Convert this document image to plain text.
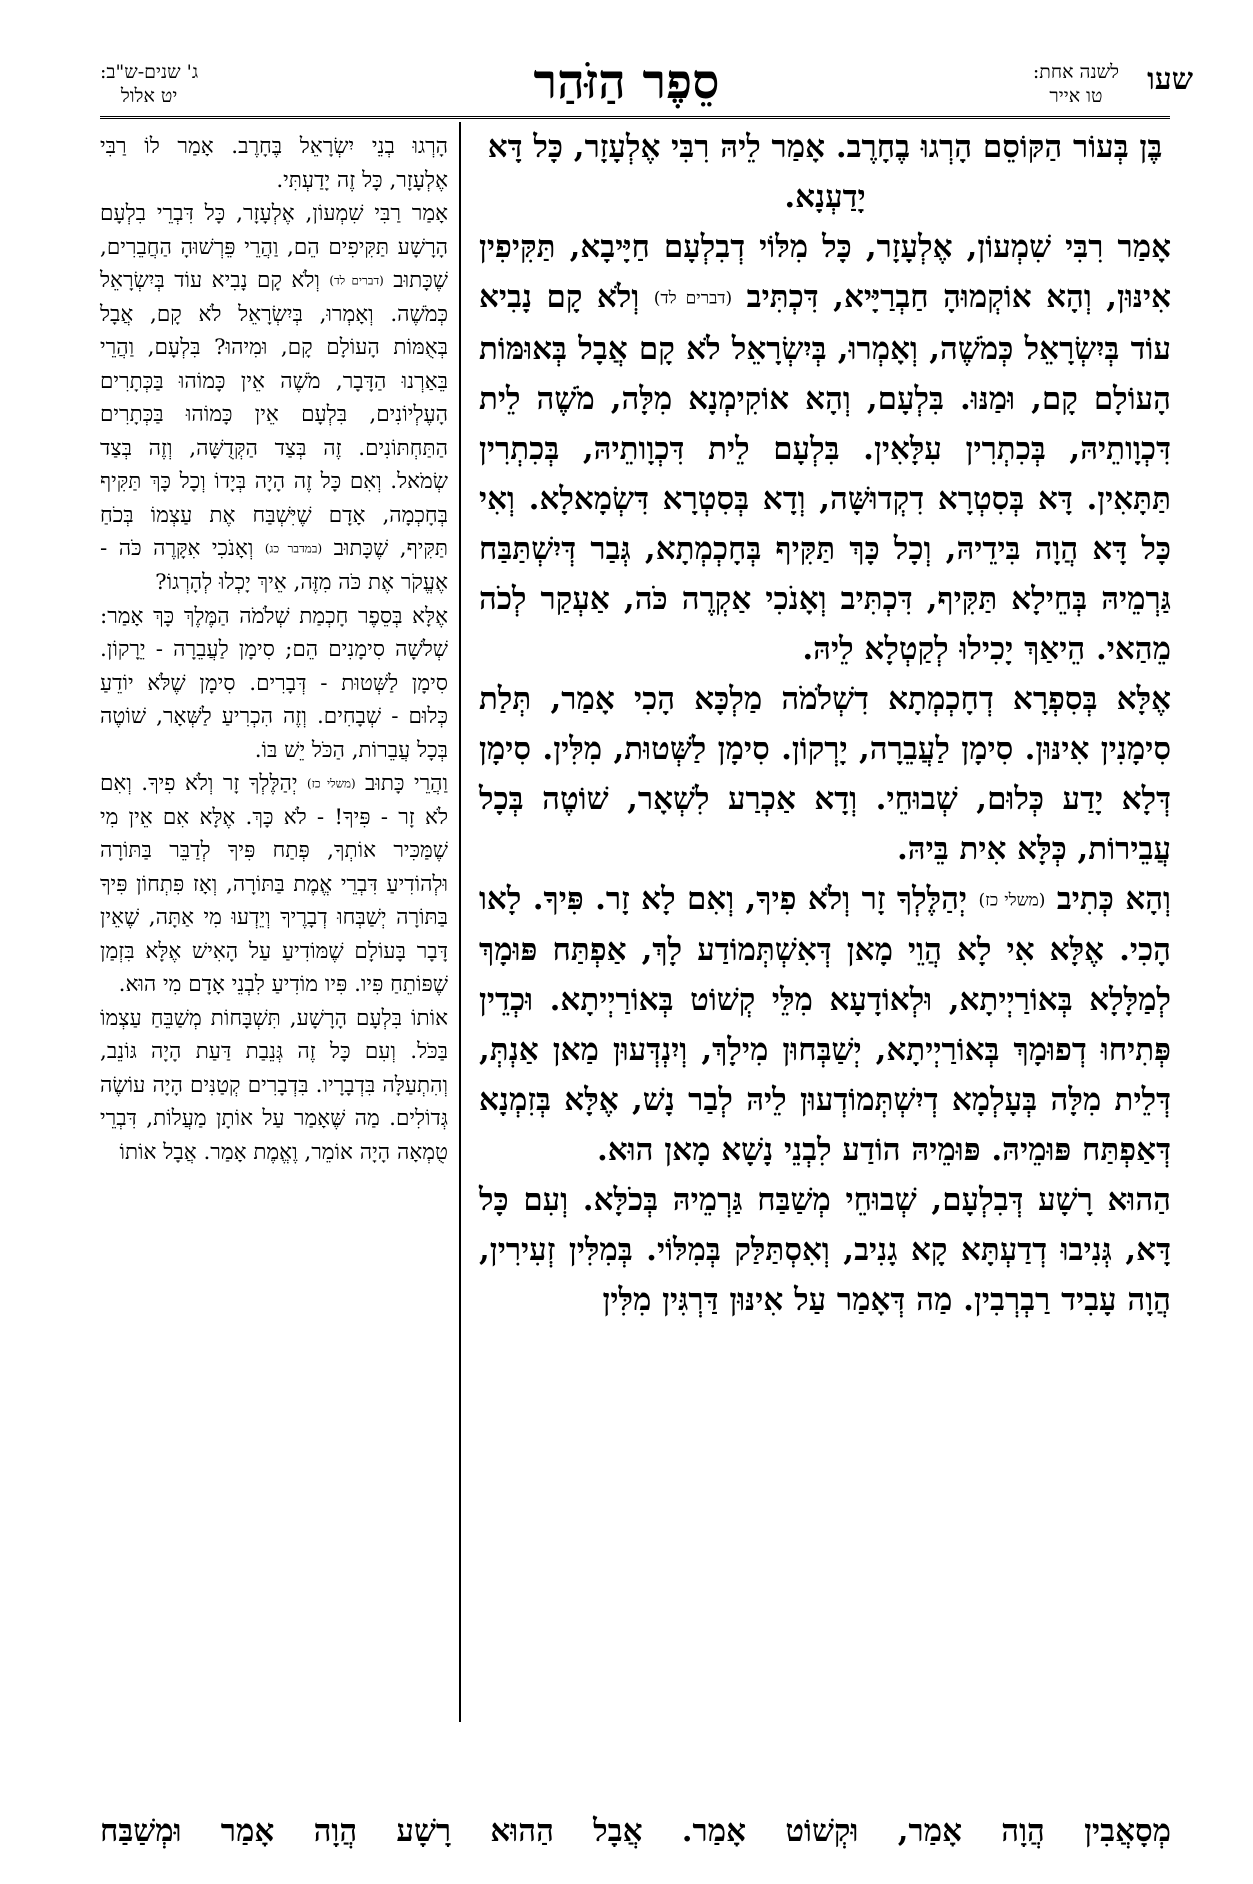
שעו
לשנה אחת:
טו אייר
סֵפֶר הַזֹּהַר
ג' שנים-ש"ב:
יט אלול

בֶּן בְּעוֹר הַקּוֹסֵם הָרְגוּ בֶחָרֶב. אָמַר לֵיהּ רִבִּי אֶלְעָזָר, כָּל דָּא יָדַעְנָא.

אָמַר רִבִּי שִׁמְעוֹן, אֶלְעָזָר, כָּל מִלּוֹי דְבִלְעָם חַיָּיבָא, תַּקִּיפִין אִינּוּן, וְהָא אוֹקְמוּהָ חַבְרַיָּיא, דִּכְתִּיב (דברים לד) וְלֹא קָם נָבִיא עוֹד בְּיִשְׂרָאֵל כְּמֹשֶׁה, וְאָמְרוּ, בְּיִשְׂרָאֵל לֹא קָם אֲבָל בְּאוּמּוֹת הָעוֹלָם קָם, וּמַנּוּ. בִּלְעָם, וְהָא אוֹקִימְנָא מִלָּה, מֹשֶׁה לֵית דִּכְוָותֵיהּ, בְּכִתְרִין עִלָּאִין. בִּלְעָם לֵית דִּכְוָותֵיהּ, בְּכִתְרִין תַּתָּאִין. דָּא בְּסִטְרָא דִקְדוּשָּׁה, וְדָא בְּסִטְרָא דִּשְׂמָאלָא. וְאִי כָּל דָּא הֲוָה בִּידֵיהּ, וְכָל כָּךְ תַּקִּיף בְּחָכְמְתָא, גְּבַר דְּיִשְׁתַּבַּח גַּרְמֵיהּ בְּחֵילָא תַּקִּיף, דִּכְתִּיב וְאָנֹכִי אַקְרֶה כֹּה, אַעְקַר לְכֹה מֵהַאי. הֵיאַךְ יָכִילוּ לְקַטְלָא לֵיהּ.

אֶלָּא בְּסִפְרָא דְחָכְמְתָא דִשְׁלֹמֹה מַלְכָּא הָכִי אָמַר, תְּלַת סִימָנִין אִינּוּן. סִימָן לַעֲבֵרָה, יָרְקוֹן. סִימָן לַשְּׁטוּת, מִלִּין. סִימָן דְּלָא יָדַע כְּלוּם, שְׁבוּחֵי. וְדָא אַכְרַע לִשְׁאָר, שׁוֹטֶה בְּכָל עֲבֵירוֹת, כְּלָּא אִית בֵּיהּ.

וְהָא כְּתִיב (משלי כז) יְהַלֶּלְךָ זָר וְלֹא פִיךָ, וְאִם לָא זָר. פִּיךָ. לָאו הָכִי. אֶלָּא אִי לָא הֲוֵי מָאן דְּאִשְׁתְּמוֹדַע לָךְ, אַפְתַּח פּוּמָךְ לְמַלָּלָא בְּאוֹרַיְיתָא, וּלְאוֹדָעָא מִלֵּי קְשׁוֹט בְּאוֹרַיְיתָא. וּכְדֵין פְּתִיחוּ דְפוּמָךְ בְּאוֹרַיְיתָא, יְשַׁבְּחוּן מִילָךְ, וְיִנְדְּעוּן מַאן אַנְתְּ, דְּלֵית מִלָּה בְּעָלְמָא דְיִשְׁתְּמוֹדְעוּן לֵיהּ לְבַר נָשׁ, אֶלָּא בְּזִמְנָא דְּאַפְתַּח פּוּמֵיהּ. פּוּמֵיהּ הוֹדַע לִבְנֵי נָשָׁא מָאן הוּא.

הַהוּא רָשָׁע דְּבִלְעָם, שְׁבוּחֵי מְשַׁבַּח גַּרְמֵיהּ בְּכֹלָּא. וְעִם כָּל דָּא, גְּנִיבוּ דְדַעְתָּא קָא גָנִיב, וְאִסְתַּלַּק בְּמִלּוֹי. בְּמִלִּין זְעִירִין, הֲוָה עָבִיד רַבְרְבִין. מַה דְּאָמַר עַל אִינּוּן דַּרְגִּין מִלִּין

הָרְגוּ בְנֵי יִשְׂרָאֵל בֶּחָרֶב. אָמַר לוֹ רַבִּי אֶלְעָזָר, כָּל זֶה יָדַעְתִּי.

אָמַר רַבִּי שִׁמְעוֹן, אֶלְעָזָר, כָּל דִּבְרֵי בִלְעָם הָרָשָׁע תַּקִּיפִים הֵם, וַהֲרֵי פֵּרְשׁוּהָ הַחֲבֵרִים, שֶׁכָּתוּב (דברים לד) וְלֹא קָם נָבִיא עוֹד בְּיִשְׂרָאֵל כְּמֹשֶׁה. וְאָמְרוּ, בְּיִשְׂרָאֵל לֹא קָם, אֲבָל בְּאֻמּוֹת הָעוֹלָם קָם, וּמִיהוּ? בִּלְעָם, וַהֲרֵי בֵּאַרְנוּ הַדָּבָר, מֹשֶׁה אֵין כָּמוֹהוּ בַּכְּתָרִים הָעֶלְיוֹנִים, בִּלְעָם אֵין כָּמוֹהוּ בַּכְּתָרִים הַתַּחְתּוֹנִים. זֶה בְּצַד הַקְּדֻשָּׁה, וְזֶה בְּצַד שְׂמֹאל. וְאִם כָּל זֶה הָיָה בְּיָדוֹ וְכָל כָּךְ תַּקִּיף בְּחָכְמָה, אָדָם שֶׁיִּשְׁבַּח אֶת עַצְמוֹ בְּכֹחַ תַּקִּיף, שֶׁכָּתוּב (במדבר כג) וְאָנֹכִי אִקָּרֶה כֹּה - אֶעֱקֹר אֶת כֹּה מִזֶּה, אֵיךְ יָכְלוּ לְהָרְגוֹ?

אֶלָּא בְּסֵפֶר חָכְמַת שְׁלֹמֹה הַמֶּלֶךְ כָּךְ אָמַר: שְׁלֹשָׁה סִימָנִים הֵם; סִימָן לַעֲבֵרָה - יֵרָקוֹן. סִימָן לַשְּׁטוּת - דְּבָרִים. סִימָן שֶׁלֹּא יוֹדֵעַ כְּלוּם - שְׁבָחִים. וְזֶה הִכְרִיעַ לַשְּׁאָר, שׁוֹטֶה בְּכָל עֲבֵרוֹת, הַכֹּל יֵשׁ בּוֹ.

וַהֲרֵי כָּתוּב (משלי כז) יְהַלֶּלְךָ זָר וְלֹא פִיךָ. וְאִם לֹא זָר - פִּיךָ! - לֹא כָּךְ. אֶלָּא אִם אֵין מִי שֶׁמַּכִּיר אוֹתְךָ, פְּתַח פִּיךָ לְדַבֵּר בַּתּוֹרָה וּלְהוֹדִיעַ דִּבְרֵי אֱמֶת בַּתּוֹרָה, וְאָז פִּתְחוֹן פִּיךָ בַּתּוֹרָה יְשַׁבְּחוּ דְבָרֶיךָ וְיֵדְעוּ מִי אַתָּה, שֶׁאֵין דָּבָר בָּעוֹלָם שֶׁמּוֹדִיעַ עַל הָאִישׁ אֶלָּא בִּזְמַן שֶׁפּוֹתֵחַ פִּיו. פִּיו מוֹדִיעַ לִבְנֵי אָדָם מִי הוּא.

אוֹתוֹ בִּלְעָם הָרָשָׁע, תִּשְׁבָּחוֹת מְשַׁבֵּחַ עַצְמוֹ בַּכֹּל. וְעִם כָּל זֶה גְּנֵבַת דַּעַת הָיָה גּוֹנֵב, וְהִתְעַלָּה בִּדְבָרָיו. בִּדְבָרִים קְטַנִּים הָיָה עוֹשֶׂה גְּדוֹלִים. מַה שֶּׁאָמַר עַל אוֹתָן מַעֲלוֹת, דִּבְרֵי טֻמְאָה הָיָה אוֹמֵר, וֶאֱמֶת אָמַר. אֲבָל אוֹתוֹ

מְסָאֲבִין הֲוָה אָמַר, וּקְשׁוֹט אָמַר. אֲבָל הַהוּא רָשָׁע הֲוָה אָמַר וּמְשַׁבַּח
